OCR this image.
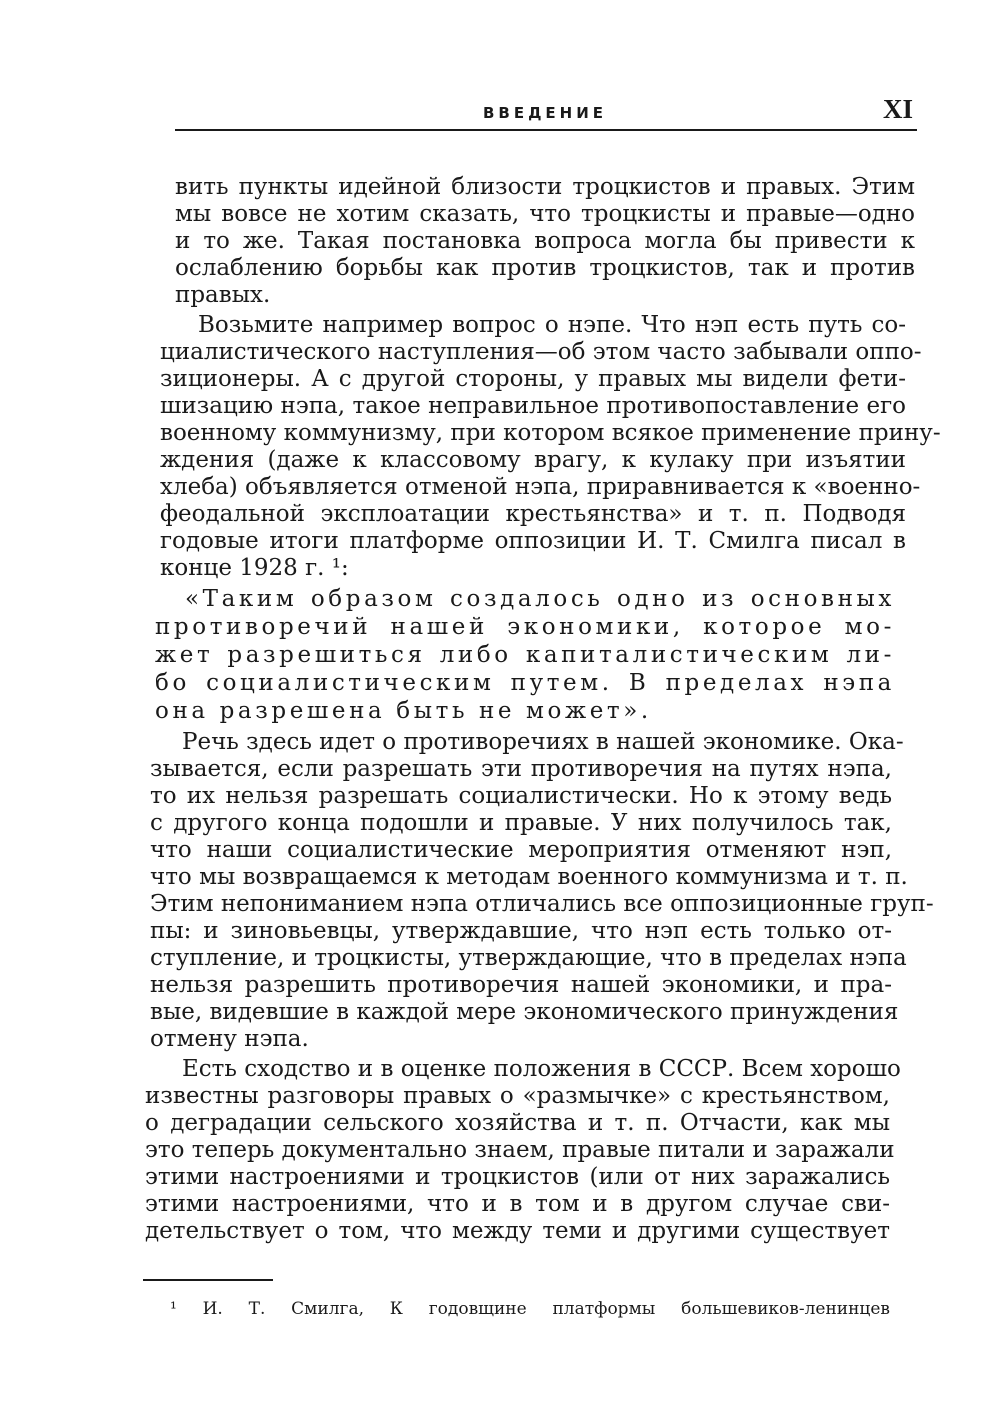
ВВЕДЕНИЕ	XI
вить пункты идейной близости троцкистов и правых. Этим
мы вовсе не хотим сказать, что троцкисты и правые—одно
и то же. Такая постановка вопроса могла бы привести к
ослаблению борьбы как против троцкистов, так и против
правых.
Возьмите например вопрос о нэпе. Что нэп есть путь со-
циалистического наступления—об этом часто забывали оппо-
зиционеры. А с другой стороны, у правых мы видели фети-
шизацию нэпа, такое неправильное противопоставление его
военному коммунизму, при котором всякое применение прину-
ждения (даже к классовому врагу, к кулаку при изъятии
хлеба) объявляется отменой нэпа, приравнивается к «военно-
феодальной эксплоатации крестьянства» и т. п. Подводя
годовые итоги платформе оппозиции И. Т. Смилга писал в
конце 1928 г. ¹:
«Таким образом создалось одно из основных
противоречий нашей экономики, которое мо-
жет разрешиться либо капиталистическим ли-
бо социалистическим путем. В пределах нэпа
она разрешена быть не может».
Речь здесь идет о противоречиях в нашей экономике. Ока-
зывается, если разрешать эти противоречия на путях нэпа,
то их нельзя разрешать социалистически. Но к этому ведь
с другого конца подошли и правые. У них получилось так,
что наши социалистические мероприятия отменяют нэп,
что мы возвращаемся к методам военного коммунизма и т. п.
Этим непониманием нэпа отличались все оппозиционные груп-
пы: и зиновьевцы, утверждавшие, что нэп есть только от-
ступление, и троцкисты, утверждающие, что в пределах нэпа
нельзя разрешить противоречия нашей экономики, и пра-
вые, видевшие в каждой мере экономического принуждения
отмену нэпа.
Есть сходство и в оценке положения в СССР. Всем хорошо
известны разговоры правых о «размычке» с крестьянством,
о деградации сельского хозяйства и т. п. Отчасти, как мы
это теперь документально знаем, правые питали и заражали
этими настроениями и троцкистов (или от них заражались
этими настроениями, что и в том и в другом случае сви-
детельствует о том, что между теми и другими существует
¹ И. Т. Смилга, К годовщине платформы большевиков-ленинцев
